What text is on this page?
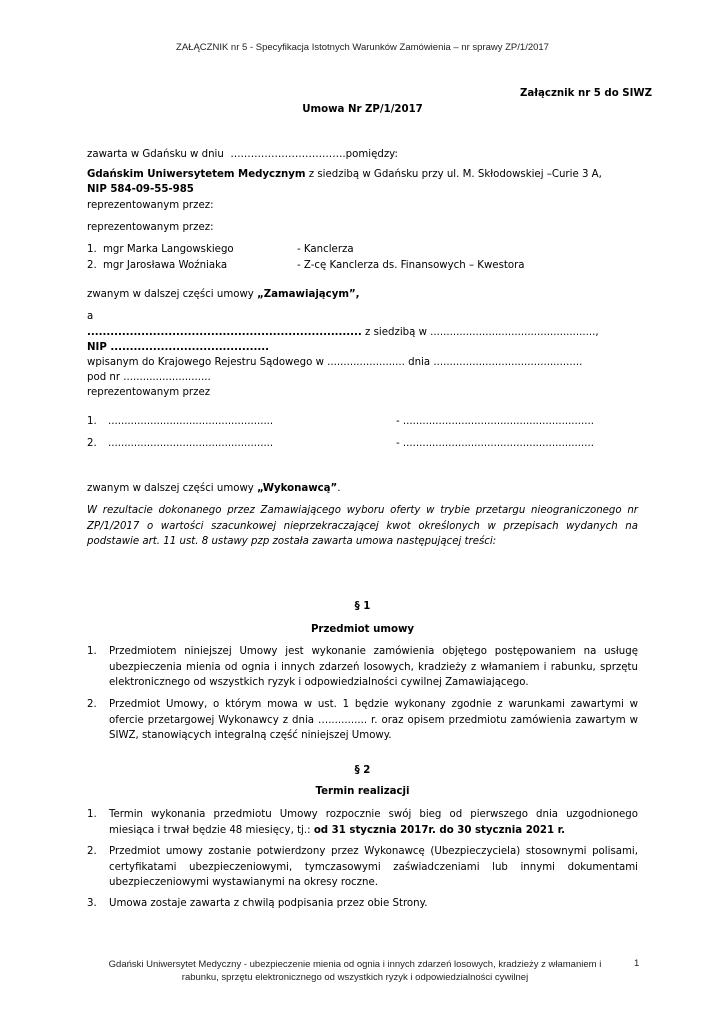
ZAŁĄCZNIK nr 5 - Specyfikacja Istotnych Warunków Zamówienia – nr sprawy ZP/1/2017
Załącznik nr 5 do SIWZ
Umowa Nr ZP/1/2017
zawarta w Gdańsku w dniu …………………………….pomiędzy:
Gdańskim Uniwersytetem Medycznym z siedzibą w Gdańsku przy ul. M. Skłodowskiej –Curie 3 A,
NIP 584-09-55-985
reprezentowanym przez:
reprezentowanym przez:
1. mgr Marka Langowskiego	- Kanclerza
2. mgr Jarosława Woźniaka	- Z-cę Kanclerza ds. Finansowych – Kwestora
zwanym w dalszej części umowy „Zamawiającym”,
a
....................................................................... z siedzibą w ...................................................,
NIP .........................................
wpisanym do Krajowego Rejestru Sądowego w ........................ dnia ..............................................
pod nr ...........................
reprezentowanym przez
1. ...................................................	- ...........................................................
2. ...................................................	- ...........................................................
zwanym w dalszej części umowy „Wykonawcą”.
W rezultacie dokonanego przez Zamawiającego wyboru oferty w trybie przetargu nieograniczonego nr ZP/1/2017 o wartości szacunkowej nieprzekraczającej kwot określonych w przepisach wydanych na podstawie art. 11 ust. 8 ustawy pzp została zawarta umowa następującej treści:
§ 1
Przedmiot umowy
1. Przedmiotem niniejszej Umowy jest wykonanie zamówienia objętego postępowaniem na usługę ubezpieczenia mienia od ognia i innych zdarzeń losowych, kradzieży z włamaniem i rabunku, sprzętu elektronicznego od wszystkich ryzyk i odpowiedzialności cywilnej Zamawiającego.
2. Przedmiot Umowy, o którym mowa w ust. 1 będzie wykonany zgodnie z warunkami zawartymi w ofercie przetargowej Wykonawcy z dnia …............ r. oraz opisem przedmiotu zamówienia zawartym w SIWZ, stanowiących integralną część niniejszej Umowy.
§ 2
Termin realizacji
1. Termin wykonania przedmiotu Umowy rozpocznie swój bieg od pierwszego dnia uzgodnionego miesiąca i trwał będzie 48 miesięcy, tj.: od 31 stycznia 2017r. do 30 stycznia 2021 r.
2. Przedmiot umowy zostanie potwierdzony przez Wykonawcę (Ubezpieczyciela) stosownymi polisami, certyfikatami ubezpieczeniowymi, tymczasowymi zaświadczeniami lub innymi dokumentami ubezpieczeniowymi wystawianymi na okresy roczne.
3. Umowa zostaje zawarta z chwilą podpisania przez obie Strony.
Gdański Uniwersytet Medyczny - ubezpieczenie mienia od ognia i innych zdarzeń losowych, kradzieży z włamaniem i rabunku, sprzętu elektronicznego od wszystkich ryzyk i odpowiedzialności cywilnej
1
